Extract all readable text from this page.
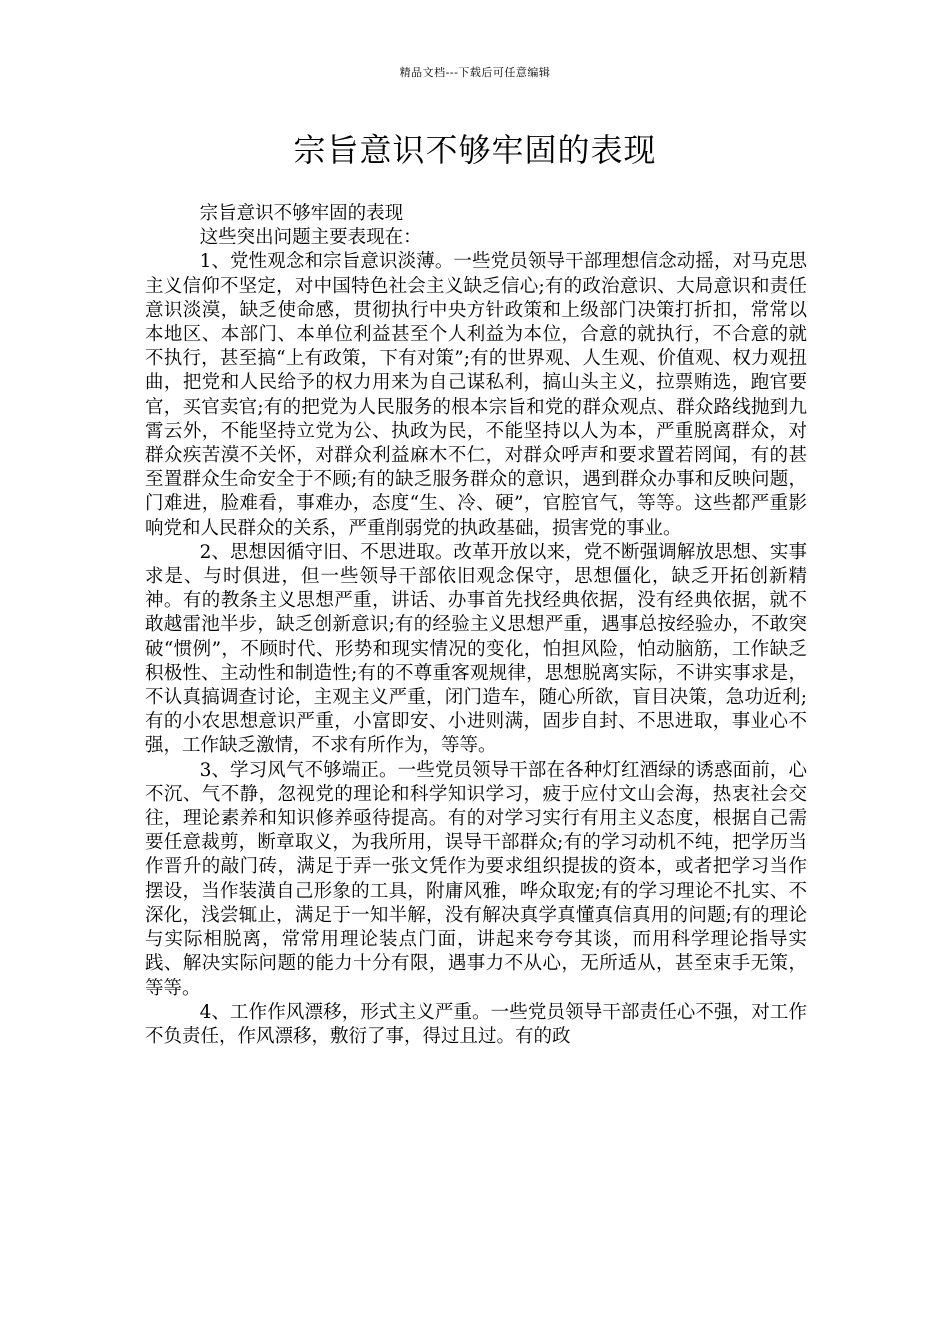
精品文档---下载后可任意编辑
宗旨意识不够牢固的表现

宗旨意识不够牢固的表现

这些突出问题主要表现在：

1、党性观念和宗旨意识淡薄。一些党员领导干部理想信念动摇，对马克思主义信仰不坚定，对中国特色社会主义缺乏信心;有的政治意识、大局意识和责任意识淡漠，缺乏使命感，贯彻执行中央方针政策和上级部门决策打折扣，常常以本地区、本部门、本单位利益甚至个人利益为本位，合意的就执行，不合意的就不执行，甚至搞“上有政策，下有对策”;有的世界观、人生观、价值观、权力观扭曲，把党和人民给予的权力用来为自己谋私利，搞山头主义，拉票贿选，跑官要官，买官卖官;有的把党为人民服务的根本宗旨和党的群众观点、群众路线抛到九霄云外，不能坚持立党为公、执政为民，不能坚持以人为本，严重脱离群众，对群众疾苦漠不关怀，对群众利益麻木不仁，对群众呼声和要求置若罔闻，有的甚至置群众生命安全于不顾;有的缺乏服务群众的意识，遇到群众办事和反映问题，门难进，脸难看，事难办，态度“生、冷、硬”，官腔官气，等等。这些都严重影响党和人民群众的关系，严重削弱党的执政基础，损害党的事业。

2、思想因循守旧、不思进取。改革开放以来，党不断强调解放思想、实事求是、与时俱进，但一些领导干部依旧观念保守，思想僵化，缺乏开拓创新精神。有的教条主义思想严重，讲话、办事首先找经典依据，没有经典依据，就不敢越雷池半步，缺乏创新意识;有的经验主义思想严重，遇事总按经验办，不敢突破“惯例”，不顾时代、形势和现实情况的变化，怕担风险，怕动脑筋，工作缺乏积极性、主动性和制造性;有的不尊重客观规律，思想脱离实际，不讲实事求是，不认真搞调查讨论，主观主义严重，闭门造车，随心所欲，盲目决策，急功近利;有的小农思想意识严重，小富即安、小进则满，固步自封、不思进取，事业心不强，工作缺乏激情，不求有所作为，等等。

3、学习风气不够端正。一些党员领导干部在各种灯红酒绿的诱惑面前，心不沉、气不静，忽视党的理论和科学知识学习，疲于应付文山会海，热衷社会交往，理论素养和知识修养亟待提高。有的对学习实行有用主义态度，根据自己需要任意裁剪，断章取义，为我所用，误导干部群众;有的学习动机不纯，把学历当作晋升的敲门砖，满足于弄一张文凭作为要求组织提拔的资本，或者把学习当作摆设，当作装潢自己形象的工具，附庸风雅，哗众取宠;有的学习理论不扎实、不深化，浅尝辄止，满足于一知半解，没有解决真学真懂真信真用的问题;有的理论与实际相脱离，常常用理论装点门面，讲起来夸夸其谈，而用科学理论指导实践、解决实际问题的能力十分有限，遇事力不从心，无所适从，甚至束手无策，等等。

4、工作作风漂移，形式主义严重。一些党员领导干部责任心不强，对工作不负责任，作风漂移，敷衍了事，得过且过。有的政
